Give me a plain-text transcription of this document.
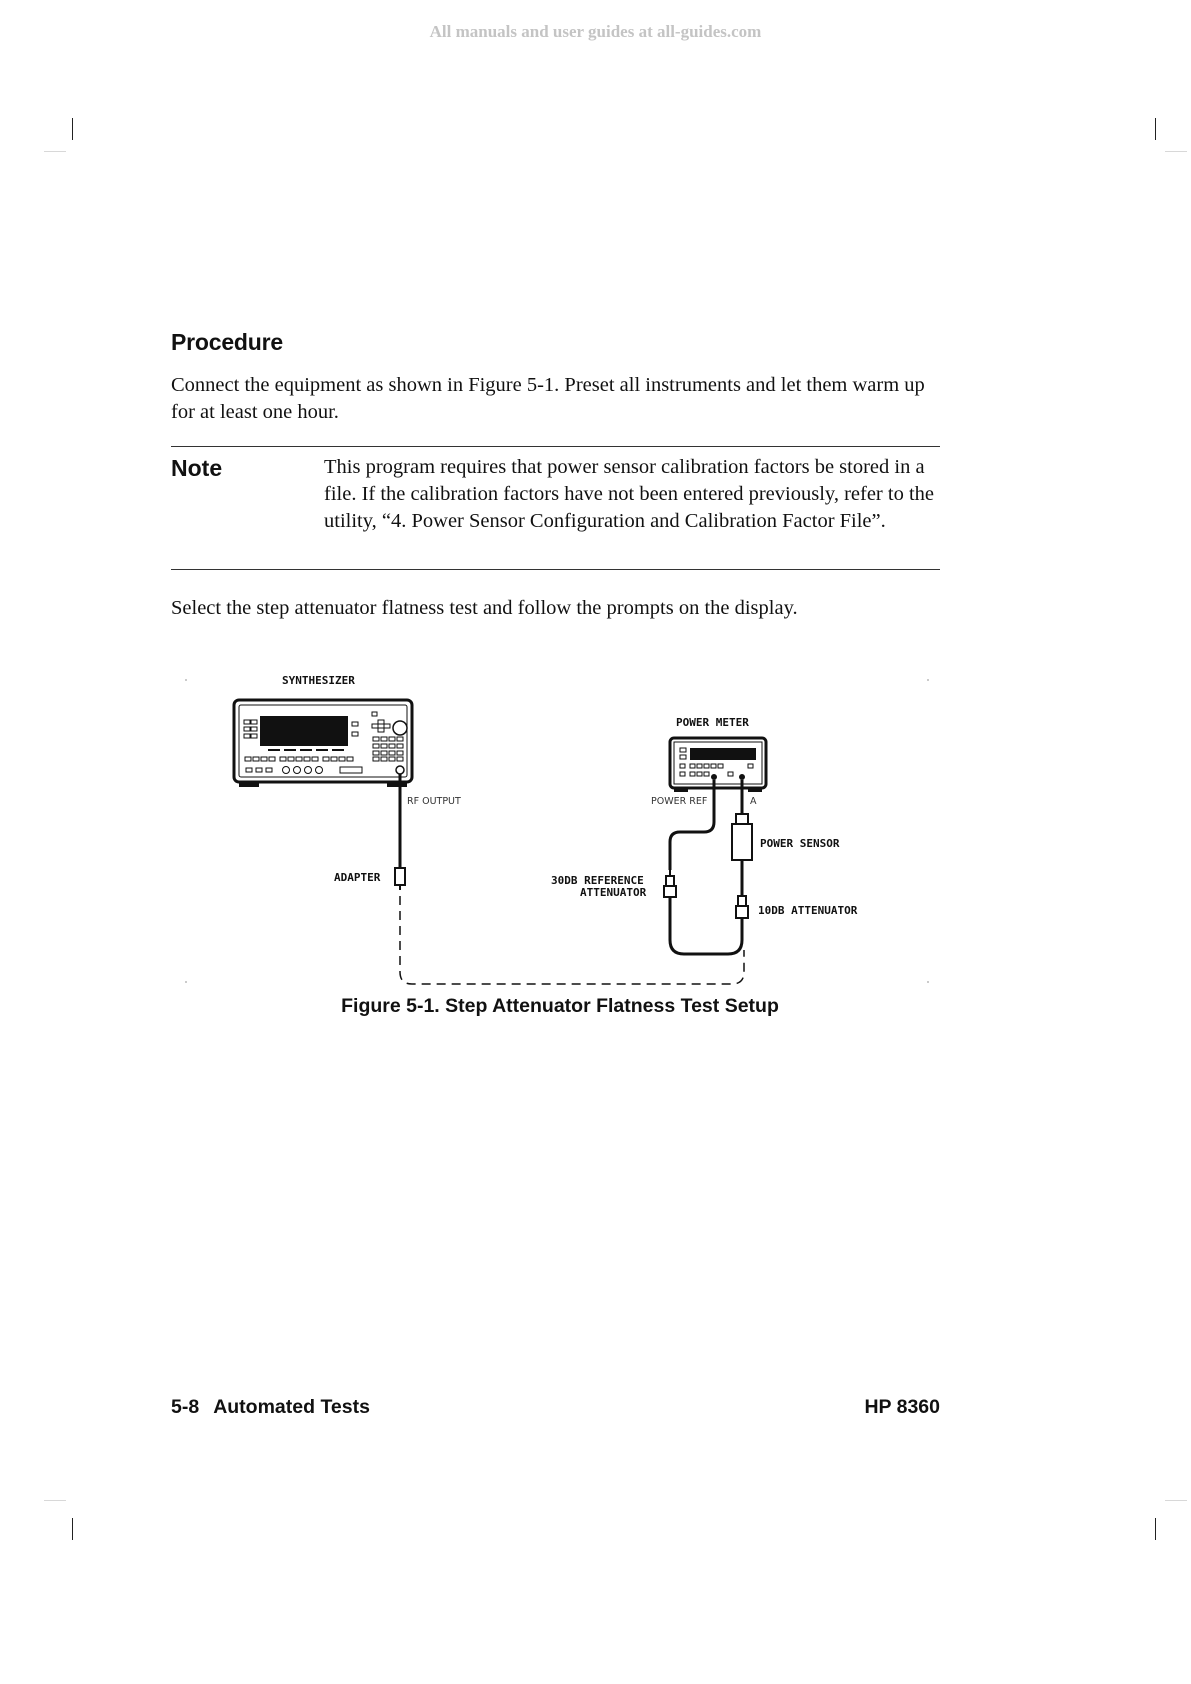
All manuals and user guides at all-guides.com
Procedure
Connect the equipment as shown in Figure 5-1. Preset all instruments and let them warm up for at least one hour.
Note	This program requires that power sensor calibration factors be stored in a file. If the calibration factors have not been entered previously, refer to the utility, “4. Power Sensor Configuration and Calibration Factor File”.
Select the step attenuator flatness test and follow the prompts on the display.
SYNTHESIZER
RF OUTPUT
ADAPTER
POWER METER
POWER REF	A
30DB REFERENCE
ATTENUATOR
POWER SENSOR
10DB ATTENUATOR
Figure 5-1. Step Attenuator Flatness Test Setup
5-8 Automated Tests	HP 8360
